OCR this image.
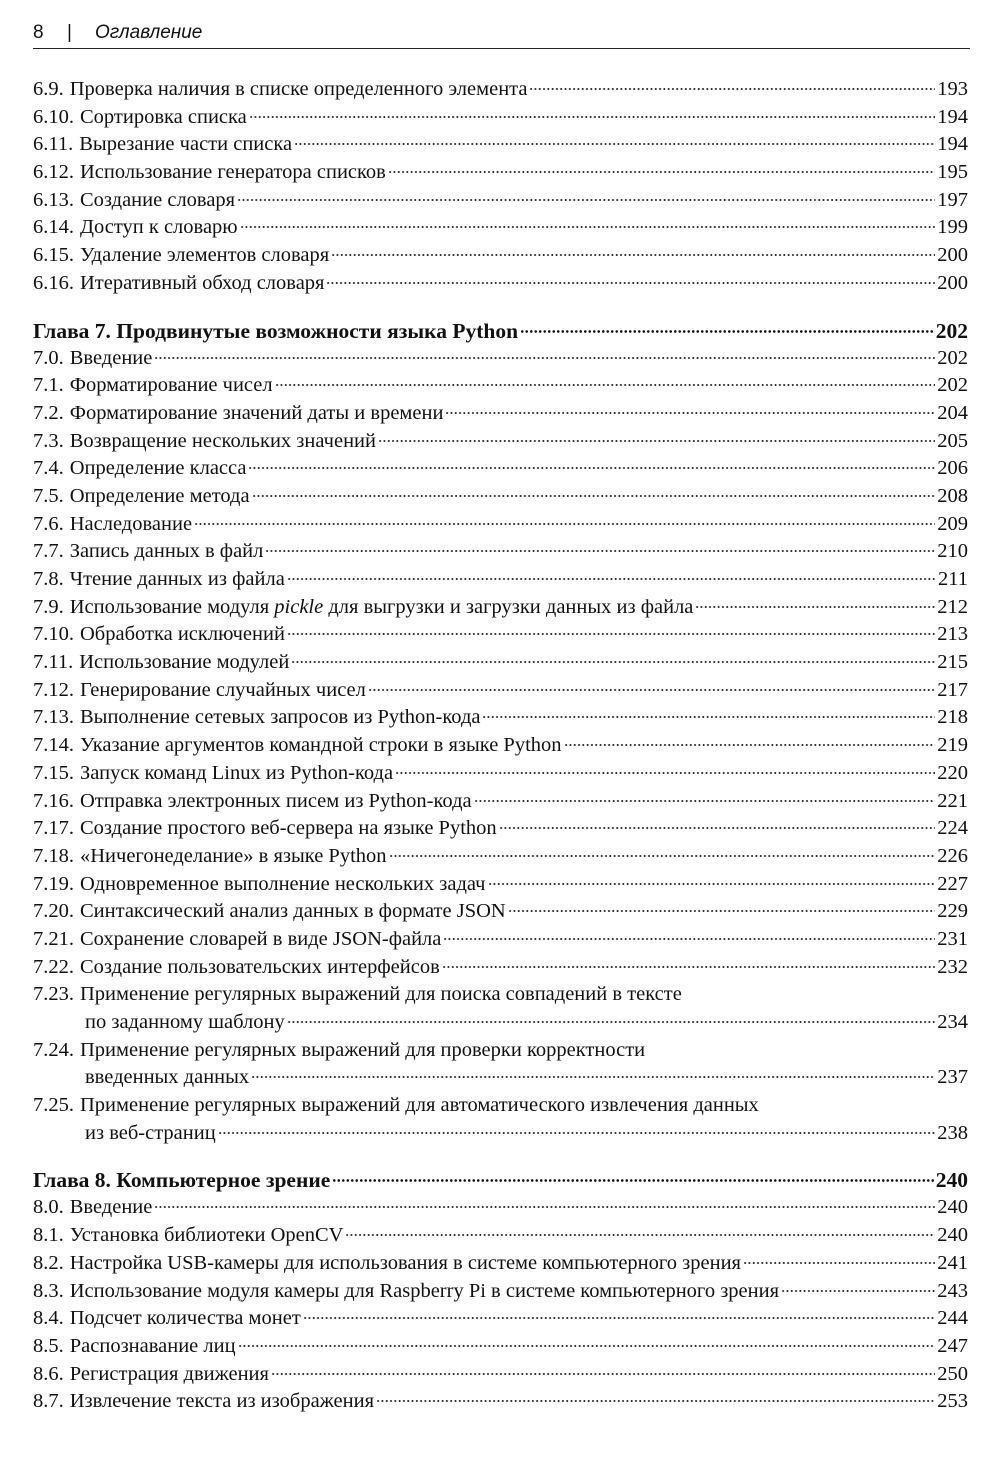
8	|	Оглавление
6.9. Проверка наличия в списке определенного элемента	193
6.10. Сортировка списка	194
6.11. Вырезание части списка	194
6.12. Использование генератора списков	195
6.13. Создание словаря	197
6.14. Доступ к словарю	199
6.15. Удаление элементов словаря	200
6.16. Итеративный обход словаря	200
Глава 7. Продвинутые возможности языка Python	202
7.0. Введение	202
7.1. Форматирование чисел	202
7.2. Форматирование значений даты и времени	204
7.3. Возвращение нескольких значений	205
7.4. Определение класса	206
7.5. Определение метода	208
7.6. Наследование	209
7.7. Запись данных в файл	210
7.8. Чтение данных из файла	211
7.9. Использование модуля pickle для выгрузки и загрузки данных из файла	212
7.10. Обработка исключений	213
7.11. Использование модулей	215
7.12. Генерирование случайных чисел	217
7.13. Выполнение сетевых запросов из Python-кода	218
7.14. Указание аргументов командной строки в языке Python	219
7.15. Запуск команд Linux из Python-кода	220
7.16. Отправка электронных писем из Python-кода	221
7.17. Создание простого веб-сервера на языке Python	224
7.18. «Ничегонеделание» в языке Python	226
7.19. Одновременное выполнение нескольких задач	227
7.20. Синтаксический анализ данных в формате JSON	229
7.21. Сохранение словарей в виде JSON-файла	231
7.22. Создание пользовательских интерфейсов	232
7.23. Применение регулярных выражений для поиска совпадений в тексте
по заданному шаблону	234
7.24. Применение регулярных выражений для проверки корректности
введенных данных	237
7.25. Применение регулярных выражений для автоматического извлечения данных
из веб-страниц	238
Глава 8. Компьютерное зрение	240
8.0. Введение	240
8.1. Установка библиотеки OpenCV	240
8.2. Настройка USB-камеры для использования в системе компьютерного зрения	241
8.3. Использование модуля камеры для Raspberry Pi в системе компьютерного зрения	243
8.4. Подсчет количества монет	244
8.5. Распознавание лиц	247
8.6. Регистрация движения	250
8.7. Извлечение текста из изображения	253
